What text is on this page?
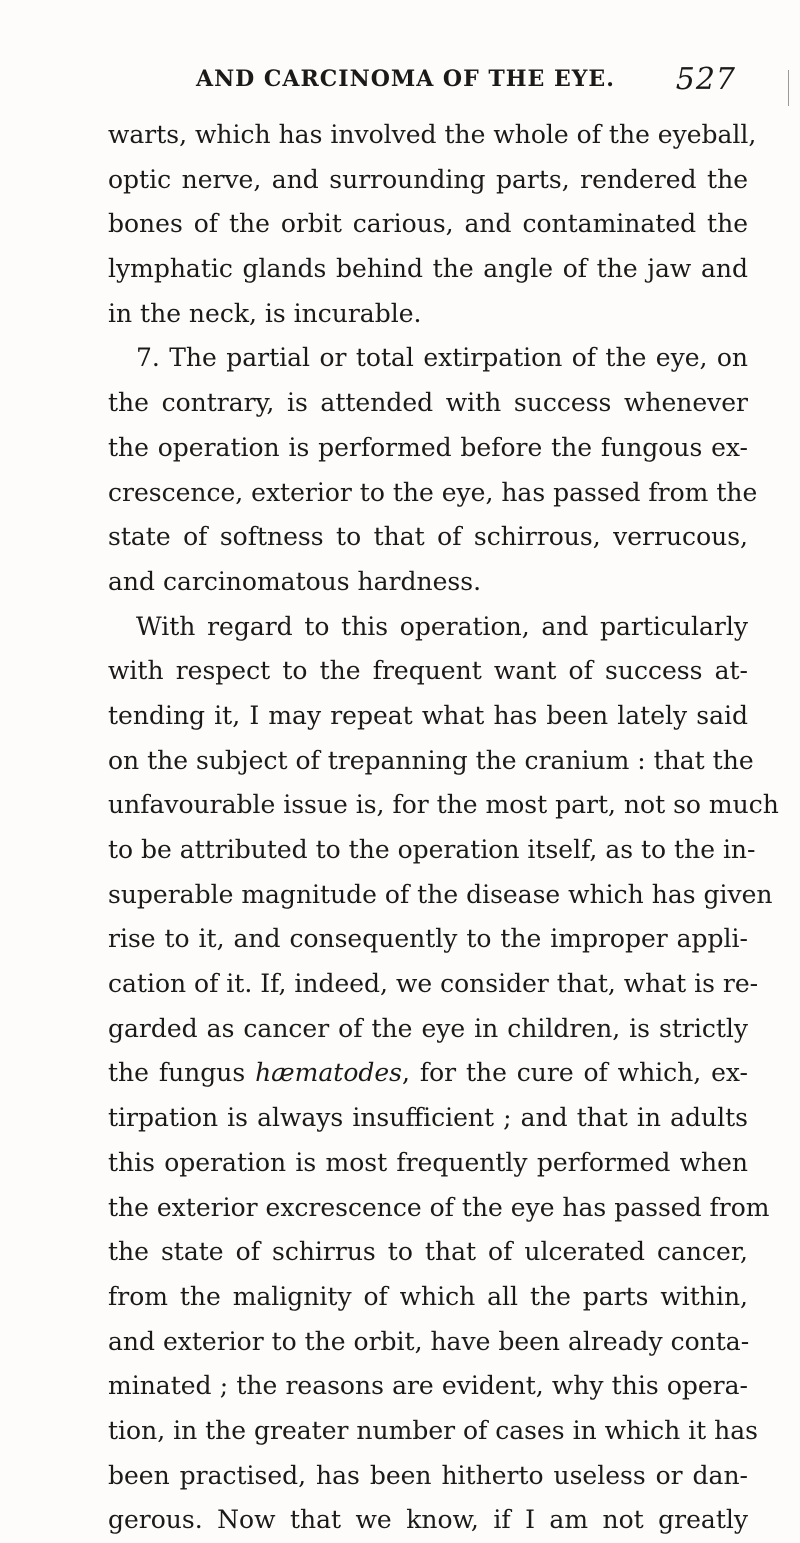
AND CARCINOMA OF THE EYE. 527
warts, which has involved the whole of the eyeball,
optic nerve, and surrounding parts, rendered the
bones of the orbit carious, and contaminated the
lymphatic glands behind the angle of the jaw and
in the neck, is incurable.
7. The partial or total extirpation of the eye, on
the contrary, is attended with success whenever
the operation is performed before the fungous ex-
crescence, exterior to the eye, has passed from the
state of softness to that of schirrous, verrucous,
and carcinomatous hardness.
With regard to this operation, and particularly
with respect to the frequent want of success at-
tending it, I may repeat what has been lately said
on the subject of trepanning the cranium : that the
unfavourable issue is, for the most part, not so much
to be attributed to the operation itself, as to the in-
superable magnitude of the disease which has given
rise to it, and consequently to the improper appli-
cation of it. If, indeed, we consider that, what is re-
garded as cancer of the eye in children, is strictly
the fungus hæmatodes, for the cure of which, ex-
tirpation is always insufficient ; and that in adults
this operation is most frequently performed when
the exterior excrescence of the eye has passed from
the state of schirrus to that of ulcerated cancer,
from the malignity of which all the parts within,
and exterior to the orbit, have been already conta-
minated ; the reasons are evident, why this opera-
tion, in the greater number of cases in which it has
been practised, has been hitherto useless or dan-
gerous. Now that we know, if I am not greatly
